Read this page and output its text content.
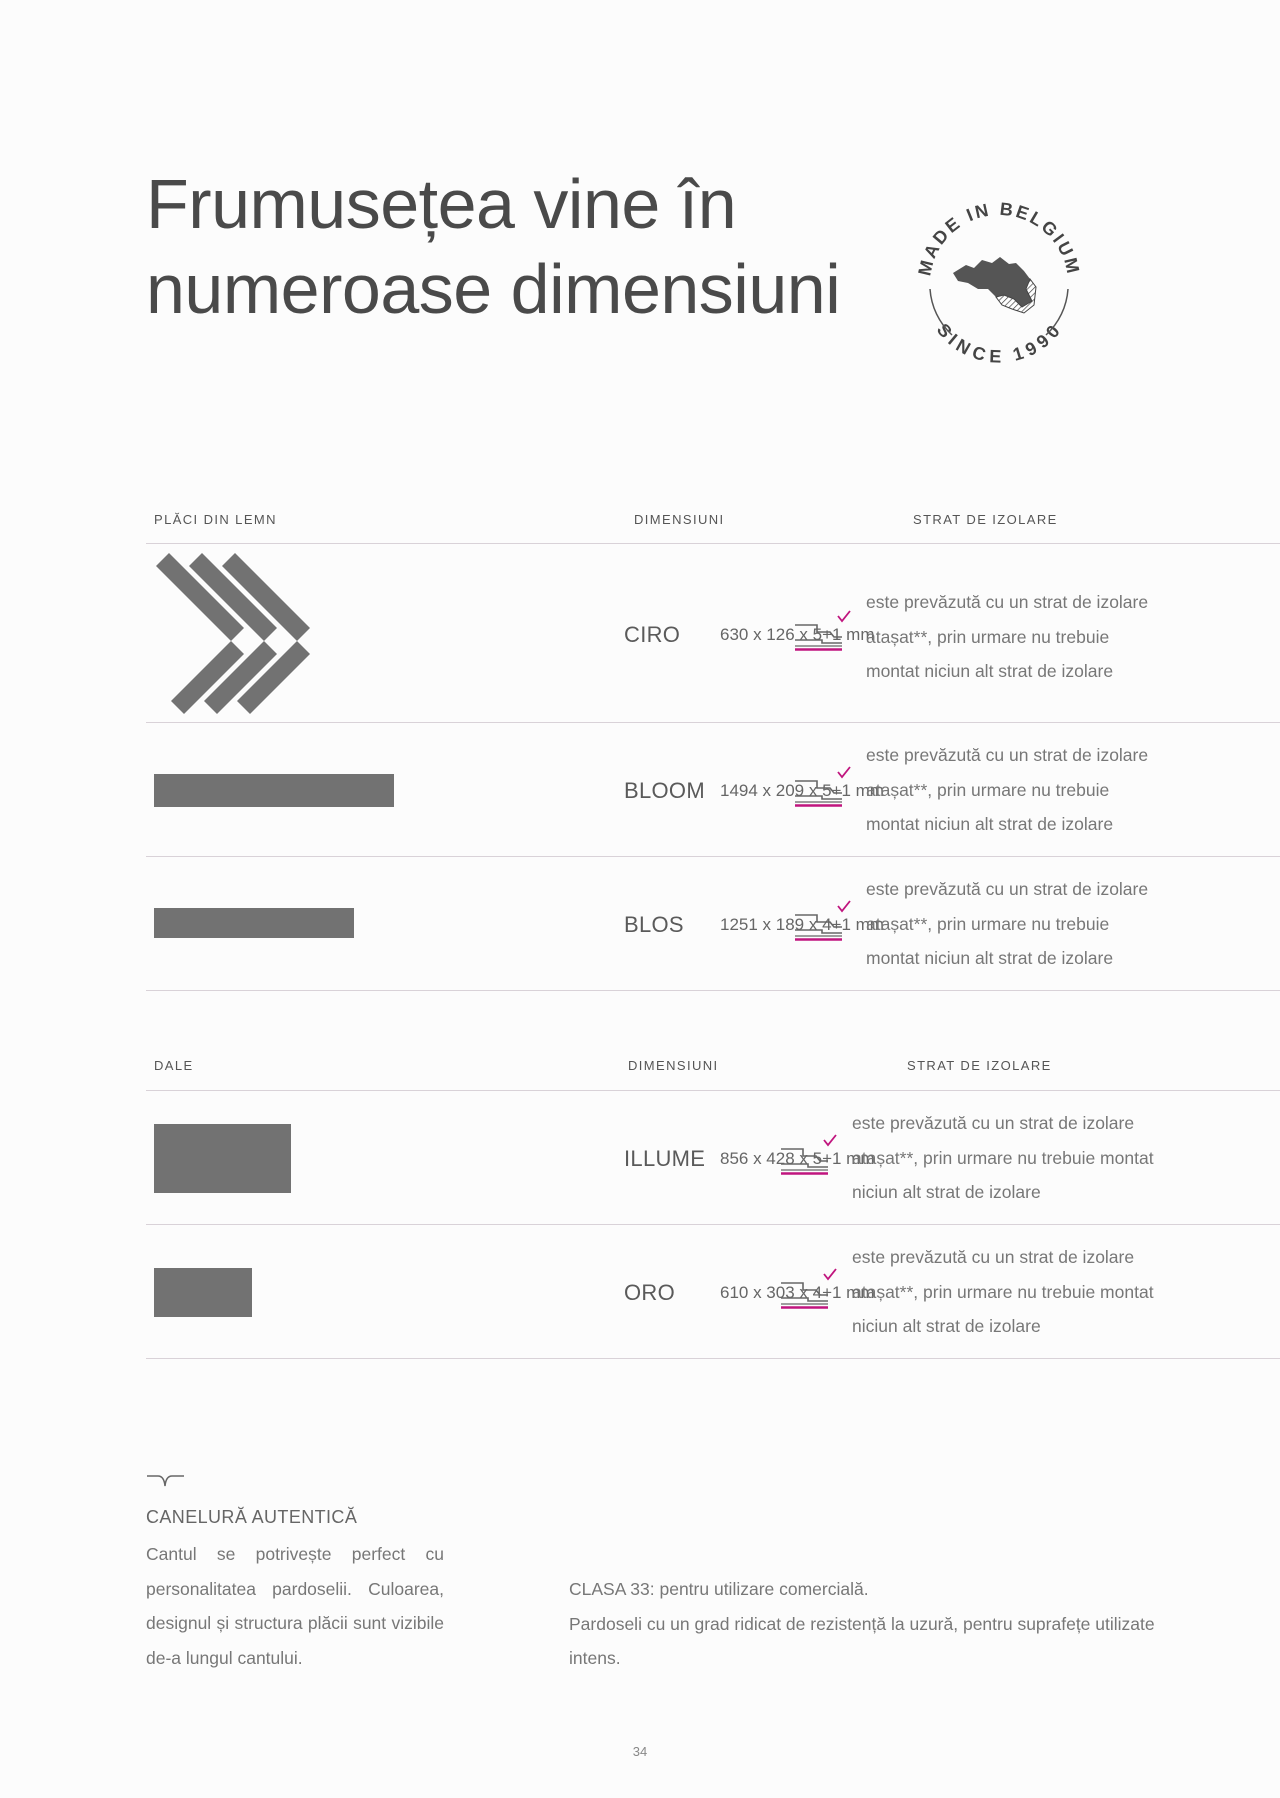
Frumusețea vine în
numeroase dimensiuni	MADE IN BELGIUM
SINCE 1990
PLĂCI DIN LEMN	DIMENSIUNI	STRAT DE IZOLARE
CIRO 630 x 126 x 5+1 mm
este prevăzută cu un strat de izolare
atașat**, prin urmare nu trebuie
montat niciun alt strat de izolare
BLOOM 1494 x 209 x 5+1 mm
este prevăzută cu un strat de izolare
atașat**, prin urmare nu trebuie
montat niciun alt strat de izolare
BLOS 1251 x 189 x 4+1 mm
este prevăzută cu un strat de izolare
atașat**, prin urmare nu trebuie
montat niciun alt strat de izolare
DALE	DIMENSIUNI	STRAT DE IZOLARE
ILLUME 856 x 428 x 5+1 mm
este prevăzută cu un strat de izolare
atașat**, prin urmare nu trebuie montat
niciun alt strat de izolare
ORO	610 x 303 x 4+1 mm
este prevăzută cu un strat de izolare
atașat**, prin urmare nu trebuie montat
niciun alt strat de izolare
CANELURĂ AUTENTICĂ
Cantul se potrivește perfect cu personalitatea pardoselii. Culoarea, designul și structura plăcii sunt vizibile de-a lungul cantului.
CLASA 33: pentru utilizare comercială.
Pardoseli cu un grad ridicat de rezistență la uzură, pentru suprafețe utilizate
intens.
34
